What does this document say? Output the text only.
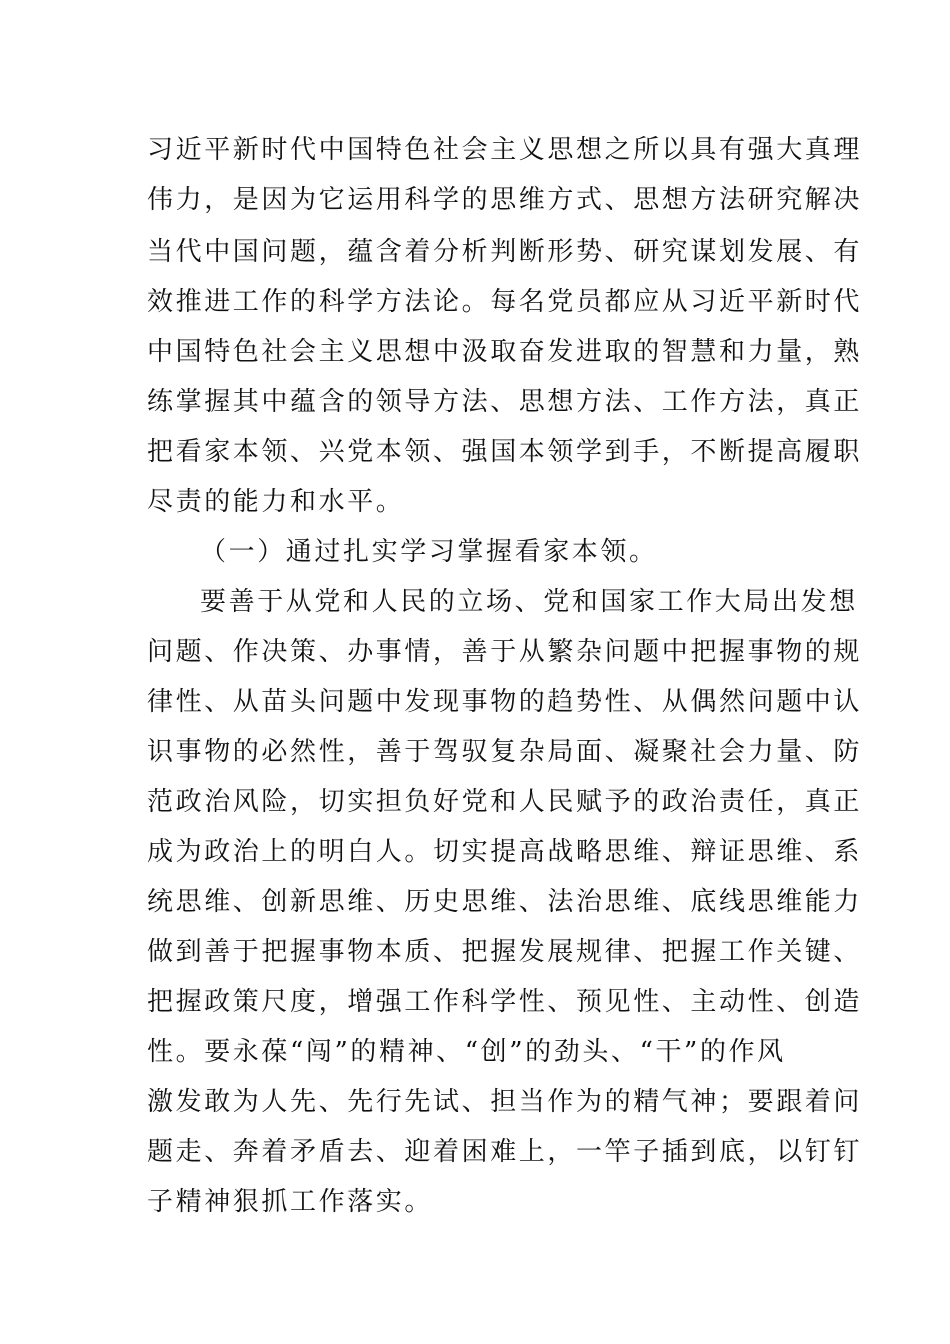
习近平新时代中国特色社会主义思想之所以具有强大真理
伟力，是因为它运用科学的思维方式、思想方法研究解决
当代中国问题，蕴含着分析判断形势、研究谋划发展、有
效推进工作的科学方法论。每名党员都应从习近平新时代
中国特色社会主义思想中汲取奋发进取的智慧和力量，熟
练掌握其中蕴含的领导方法、思想方法、工作方法，真正
把看家本领、兴党本领、强国本领学到手，不断提高履职
尽责的能力和水平。
（一）通过扎实学习掌握看家本领。
要善于从党和人民的立场、党和国家工作大局出发想
问题、作决策、办事情，善于从繁杂问题中把握事物的规
律性、从苗头问题中发现事物的趋势性、从偶然问题中认
识事物的必然性，善于驾驭复杂局面、凝聚社会力量、防
范政治风险，切实担负好党和人民赋予的政治责任，真正
成为政治上的明白人。切实提高战略思维、辩证思维、系
统思维、创新思维、历史思维、法治思维、底线思维能力
做到善于把握事物本质、把握发展规律、把握工作关键、
把握政策尺度，增强工作科学性、预见性、主动性、创造
性。要永葆“闯”的精神、“创”的劲头、“干”的作风
激发敢为人先、先行先试、担当作为的精气神；要跟着问
题走、奔着矛盾去、迎着困难上，一竿子插到底，以钉钉
子精神狠抓工作落实。
